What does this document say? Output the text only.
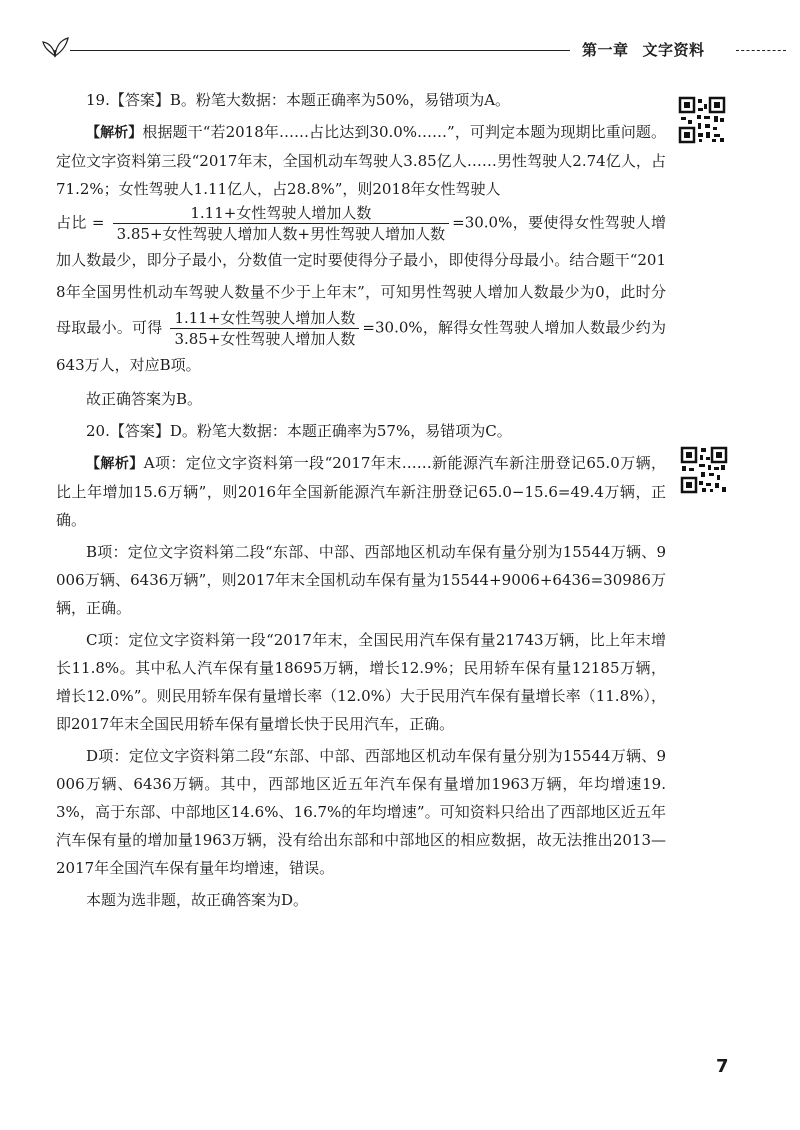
第一章 文字资料

19.【答案】B。粉笔大数据：本题正确率为50%，易错项为A。

【解析】根据题干“若2018年……占比达到30.0%……”，可判定本题为现期比重问题。定位文字资料第三段“2017年末，全国机动车驾驶人3.85亿人……男性驾驶人2.74亿人，占71.2%；女性驾驶人1.11亿人，占28.8%”，则2018年女性驾驶人

占比 = $\frac{\text{1.11+女性驾驶人增加人数}}{\text{3.85+女性驾驶人增加人数+男性驾驶人增加人数}} =30.0\%$，要使得女性驾驶人增加人数最少，即分子最小，分数值一定时要使得分子最小，即使得分母最小。结合题干“2018年全国男性机动车驾驶人数量不少于上年末”，可知男性驾驶人增加人数最少为0，此时分母取最小。可得 $\frac{\text{1.11+女性驾驶人增加人数}}{\text{3.85+女性驾驶人增加人数}} =30.0\%$，解得女性驾驶人增加人数最少约为643万人，对应B项。

故正确答案为B。

20.【答案】D。粉笔大数据：本题正确率为57%，易错项为C。

【解析】A项：定位文字资料第一段“2017年末……新能源汽车新注册登记65.0万辆，比上年增加15.6万辆”，则2016年全国新能源汽车新注册登记65.0−15.6=49.4万辆，正确。

B项：定位文字资料第二段“东部、中部、西部地区机动车保有量分别为15544万辆、9006万辆、6436万辆”，则2017年末全国机动车保有量为15544+9006+6436=30986万辆，正确。

C项：定位文字资料第一段“2017年末，全国民用汽车保有量21743万辆，比上年末增长11.8%。其中私人汽车保有量18695万辆，增长12.9%；民用轿车保有量12185万辆，增长12.0%”。则民用轿车保有量增长率（12.0%）大于民用汽车保有量增长率（11.8%），即2017年末全国民用轿车保有量增长快于民用汽车，正确。

D项：定位文字资料第二段“东部、中部、西部地区机动车保有量分别为15544万辆、9006万辆、6436万辆。其中，西部地区近五年汽车保有量增加1963万辆，年均增速19.3%，高于东部、中部地区14.6%、16.7%的年均增速”。可知资料只给出了西部地区近五年汽车保有量的增加量1963万辆，没有给出东部和中部地区的相应数据，故无法推出2013—2017年全国汽车保有量年均增速，错误。

本题为选非题，故正确答案为D。

7
